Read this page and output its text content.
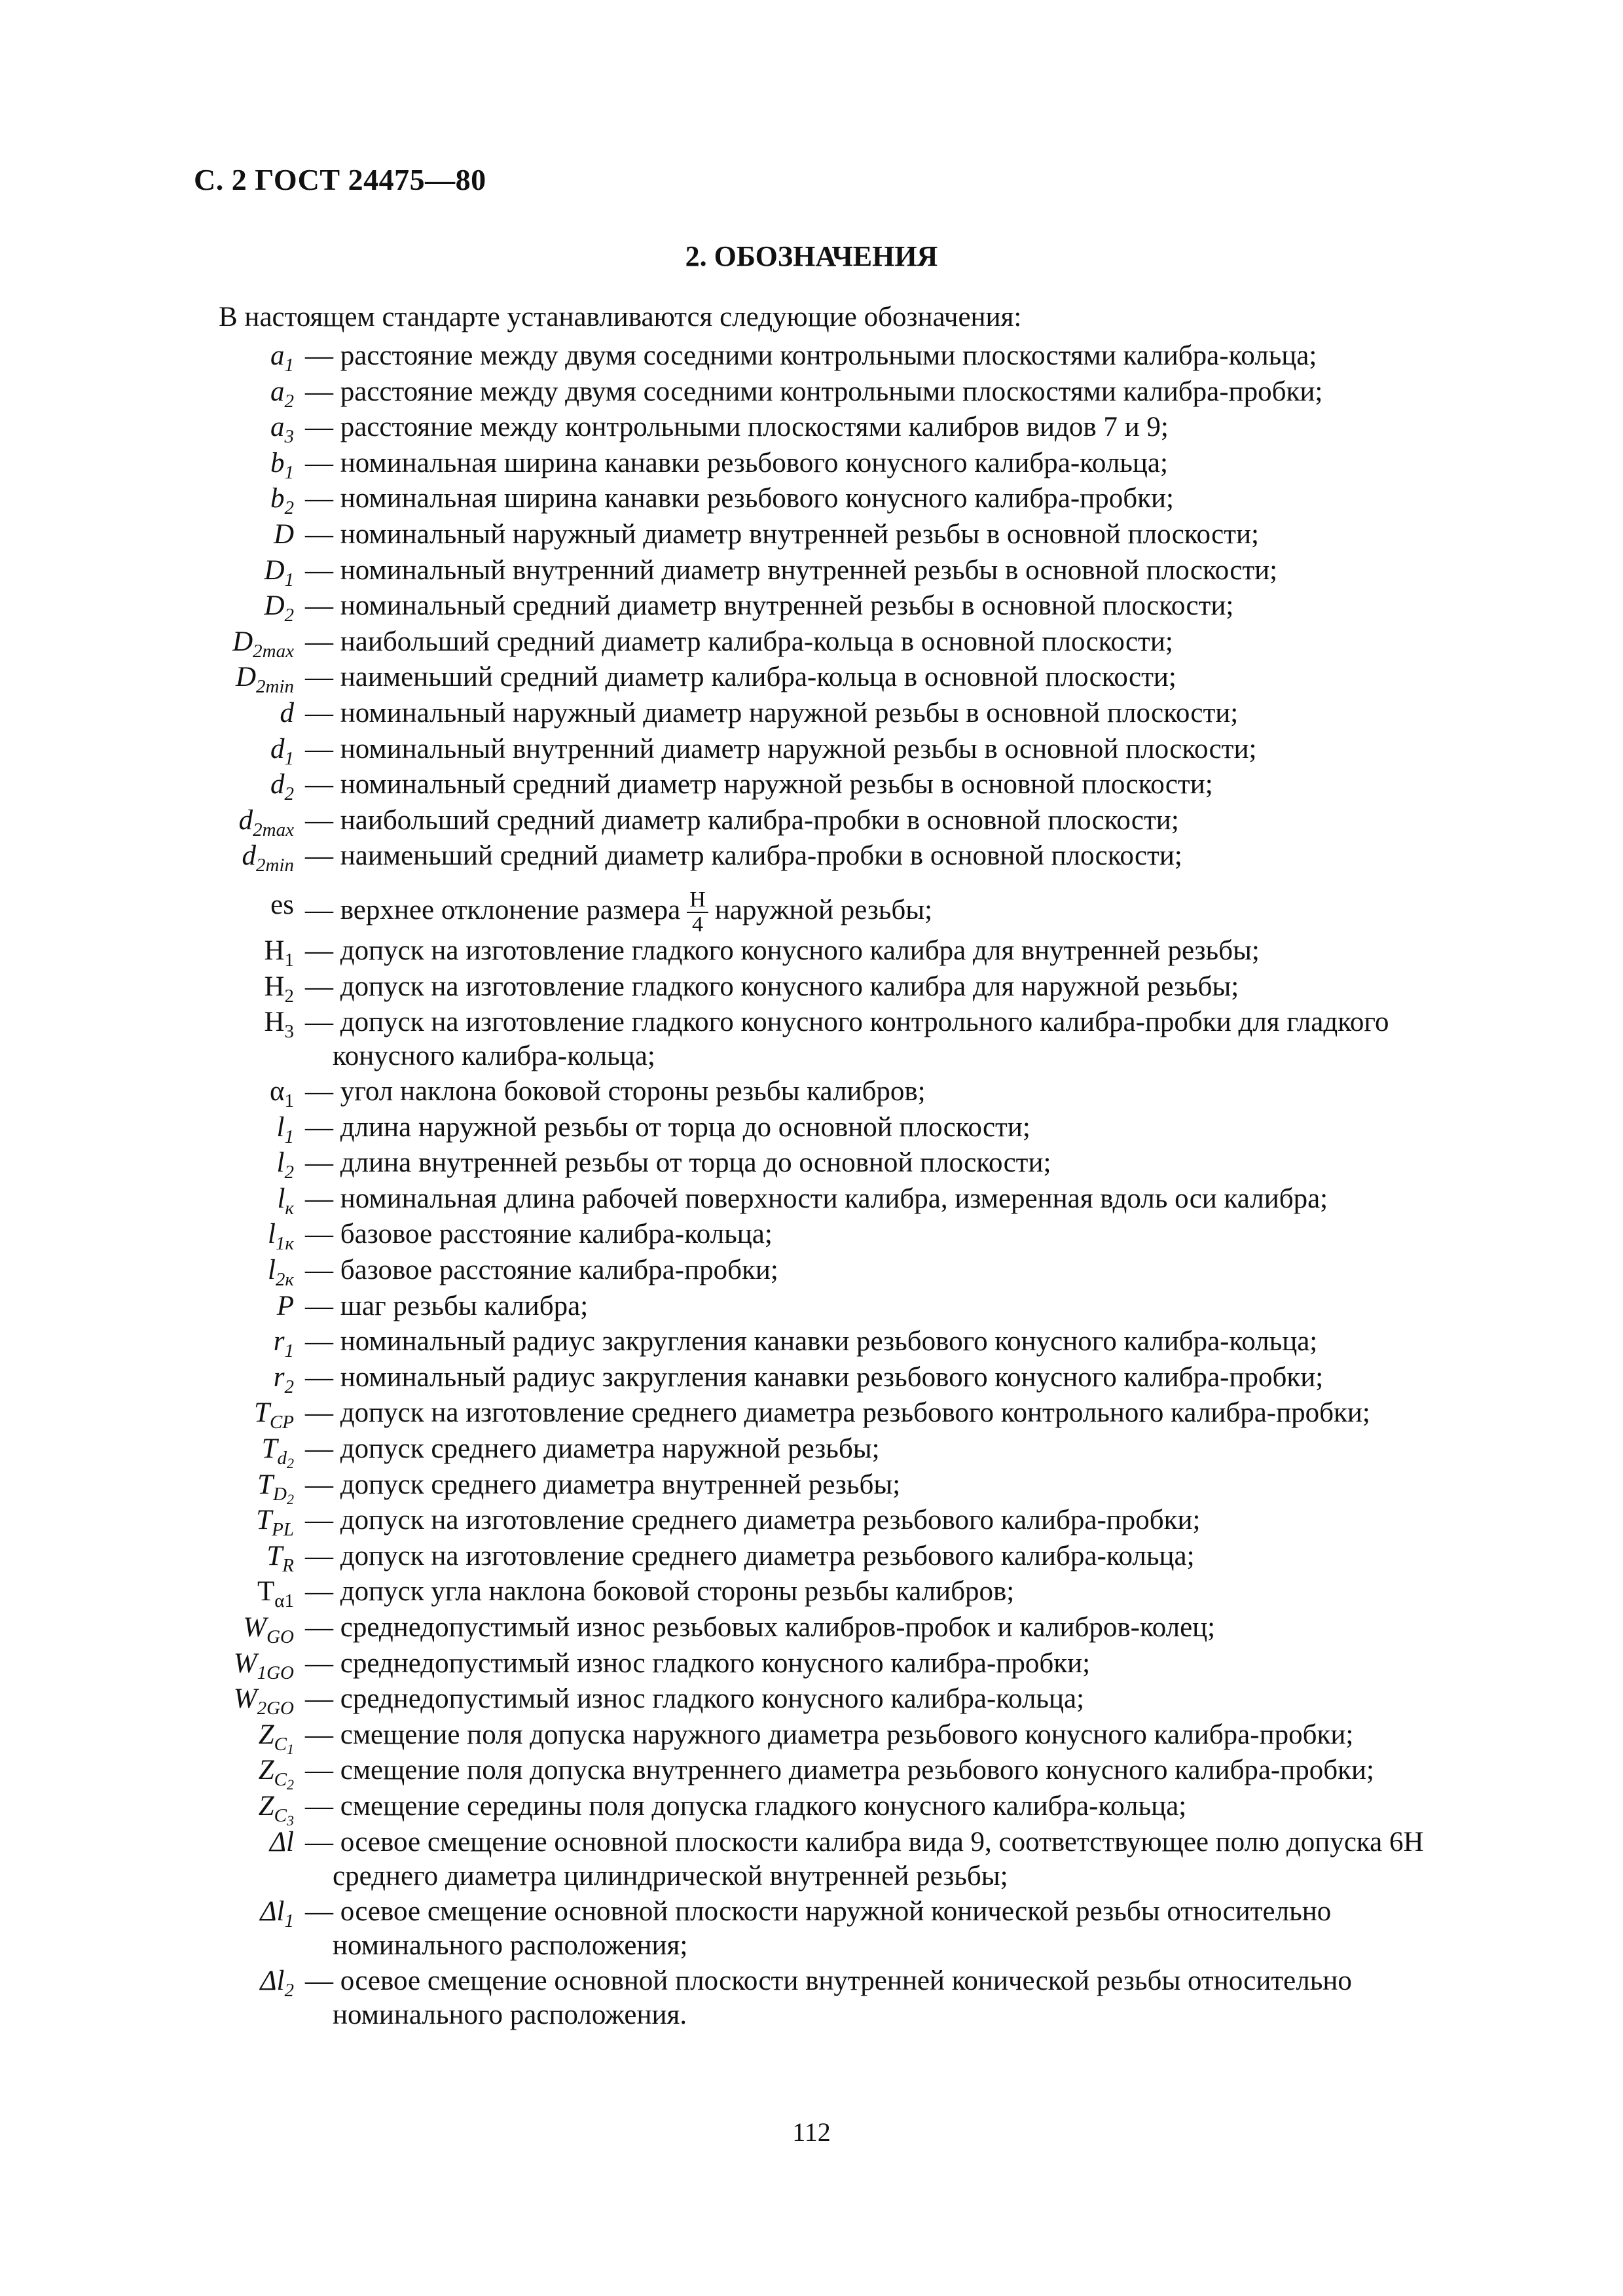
С. 2 ГОСТ 24475—80
2. ОБОЗНАЧЕНИЯ
В настоящем стандарте устанавливаются следующие обозначения:
$a_1$ — расстояние между двумя соседними контрольными плоскостями калибра-кольца;
$a_2$ — расстояние между двумя соседними контрольными плоскостями калибра-пробки;
$a_3$ — расстояние между контрольными плоскостями калибров видов 7 и 9;
$b_1$ — номинальная ширина канавки резьбового конусного калибра-кольца;
$b_2$ — номинальная ширина канавки резьбового конусного калибра-пробки;
D — номинальный наружный диаметр внутренней резьбы в основной плоскости;
$D_1$ — номинальный внутренний диаметр внутренней резьбы в основной плоскости;
$D_2$ — номинальный средний диаметр внутренней резьбы в основной плоскости;
$D_{2max}$ — наибольший средний диаметр калибра-кольца в основной плоскости;
$D_{2min}$ — наименьший средний диаметр калибра-кольца в основной плоскости;
d — номинальный наружный диаметр наружной резьбы в основной плоскости;
$d_1$ — номинальный внутренний диаметр наружной резьбы в основной плоскости;
$d_2$ — номинальный средний диаметр наружной резьбы в основной плоскости;
$d_{2max}$ — наибольший средний диаметр калибра-пробки в основной плоскости;
$d_{2min}$ — наименьший средний диаметр калибра-пробки в основной плоскости;
es — верхнее отклонение размера $\frac{H}{4}$ наружной резьбы;
$H_1$ — допуск на изготовление гладкого конусного калибра для внутренней резьбы;
$H_2$ — допуск на изготовление гладкого конусного калибра для наружной резьбы;
$H_3$ — допуск на изготовление гладкого конусного контрольного калибра-пробки для гладкого конусного калибра-кольца;
$\alpha_1$ — угол наклона боковой стороны резьбы калибров;
$l_1$ — длина наружной резьбы от торца до основной плоскости;
$l_2$ — длина внутренней резьбы от торца до основной плоскости;
$l_к$ — номинальная длина рабочей поверхности калибра, измеренная вдоль оси калибра;
$l_{1к}$ — базовое расстояние калибра-кольца;
$l_{2к}$ — базовое расстояние калибра-пробки;
P — шаг резьбы калибра;
$r_1$ — номинальный радиус закругления канавки резьбового конусного калибра-кольца;
$r_2$ — номинальный радиус закругления канавки резьбового конусного калибра-пробки;
$T_{CP}$ — допуск на изготовление среднего диаметра резьбового контрольного калибра-пробки;
$T_{d_2}$ — допуск среднего диаметра наружной резьбы;
$T_{D_2}$ — допуск среднего диаметра внутренней резьбы;
$T_{PL}$ — допуск на изготовление среднего диаметра резьбового калибра-пробки;
$T_R$ — допуск на изготовление среднего диаметра резьбового калибра-кольца;
$T_{\alpha 1}$ — допуск угла наклона боковой стороны резьбы калибров;
$W_{GO}$ — среднедопустимый износ резьбовых калибров-пробок и калибров-колец;
$W_{1GO}$ — среднедопустимый износ гладкого конусного калибра-пробки;
$W_{2GO}$ — среднедопустимый износ гладкого конусного калибра-кольца;
$Z_{C_1}$ — смещение поля допуска наружного диаметра резьбового конусного калибра-пробки;
$Z_{C_2}$ — смещение поля допуска внутреннего диаметра резьбового конусного калибра-пробки;
$Z_{C_3}$ — смещение середины поля допуска гладкого конусного калибра-кольца;
Δl — осевое смещение основной плоскости калибра вида 9, соответствующее полю допуска 6H среднего диаметра цилиндрической внутренней резьбы;
$\Delta l_1$ — осевое смещение основной плоскости наружной конической резьбы относительно номинального расположения;
$\Delta l_2$ — осевое смещение основной плоскости внутренней конической резьбы относительно номинального расположения.
112
